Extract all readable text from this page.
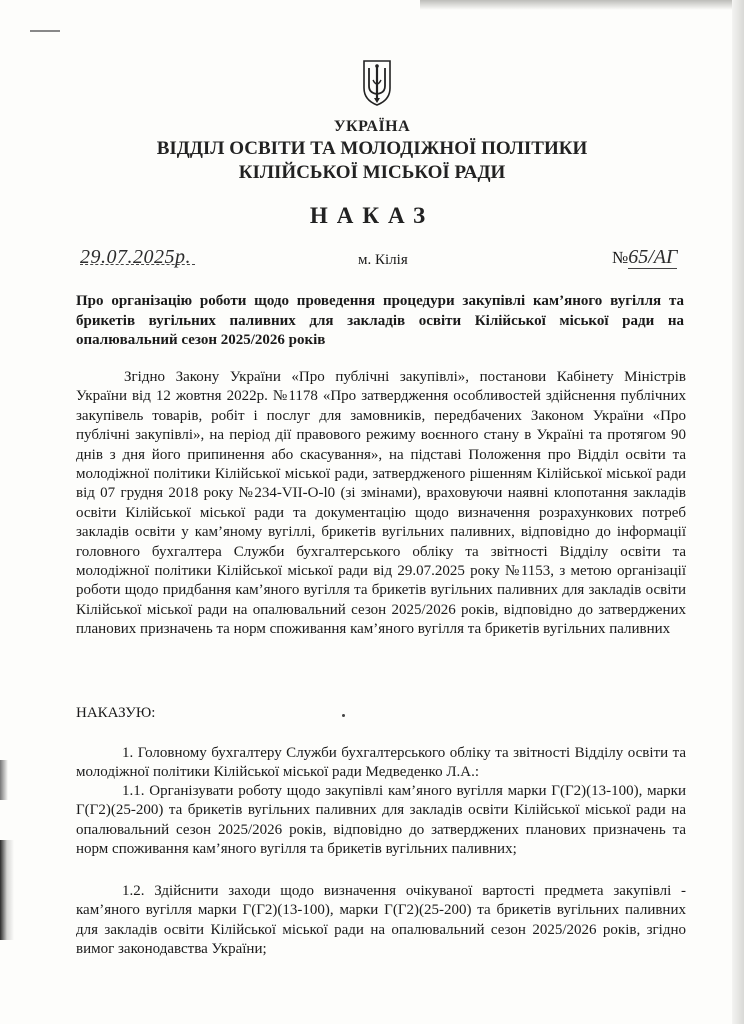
УКРАЇНА
ВІДДІЛ ОСВІТИ ТА МОЛОДІЖНОЇ ПОЛІТИКИ
КІЛІЙСЬКОЇ МІСЬКОЇ РАДИ
НАКАЗ
29.07.2025р.	м. Кілія	№65/АГ
Про організацію роботи щодо проведення процедури закупівлі кам’яного вугілля та брикетів вугільних паливних для закладів освіти Кілійської міської ради на опалювальний сезон 2025/2026 років
Згідно Закону України «Про публічні закупівлі», постанови Кабінету Міністрів України від 12 жовтня 2022р. №1178 «Про затвердження особливостей здійснення публічних закупівель товарів, робіт і послуг для замовників, передбачених Законом України «Про публічні закупівлі», на період дії правового режиму воєнного стану в Україні та протягом 90 днів з дня його припинення або скасування», на підставі Положення про Відділ освіти та молодіжної політики Кілійської міської ради, затвердженого рішенням Кілійської міської ради від 07 грудня 2018 року №234-VII-О-l0 (зі змінами), враховуючи наявні клопотання закладів освіти Кілійської міської ради та документацію щодо визначення розрахункових потреб закладів освіти у кам’яному вугіллі, брикетів вугільних паливних, відповідно до інформації головного бухгалтера Служби бухгалтерського обліку та звітності Відділу освіти та молодіжної політики Кілійської міської ради від 29.07.2025 року №1153, з метою організації роботи щодо придбання кам’яного вугілля та брикетів вугільних паливних для закладів освіти Кілійської міської ради на опалювальний сезон 2025/2026 років, відповідно до затверджених планових призначень та норм споживання кам’яного вугілля та брикетів вугільних паливних
НАКАЗУЮ:
1. Головному бухгалтеру Служби бухгалтерського обліку та звітності Відділу освіти та молодіжної політики Кілійської міської ради Медведенко Л.А.:
1.1. Організувати роботу щодо закупівлі кам’яного вугілля марки Г(Г2)(13-100), марки Г(Г2)(25-200) та брикетів вугільних паливних для закладів освіти Кілійської міської ради на опалювальний сезон 2025/2026 років, відповідно до затверджених планових призначень та норм споживання кам’яного вугілля та брикетів вугільних паливних;
1.2. Здійснити заходи щодо визначення очікуваної вартості предмета закупівлі - кам’яного вугілля марки Г(Г2)(13-100), марки Г(Г2)(25-200) та брикетів вугільних паливних для закладів освіти Кілійської міської ради на опалювальний сезон 2025/2026 років, згідно вимог законодавства України;
